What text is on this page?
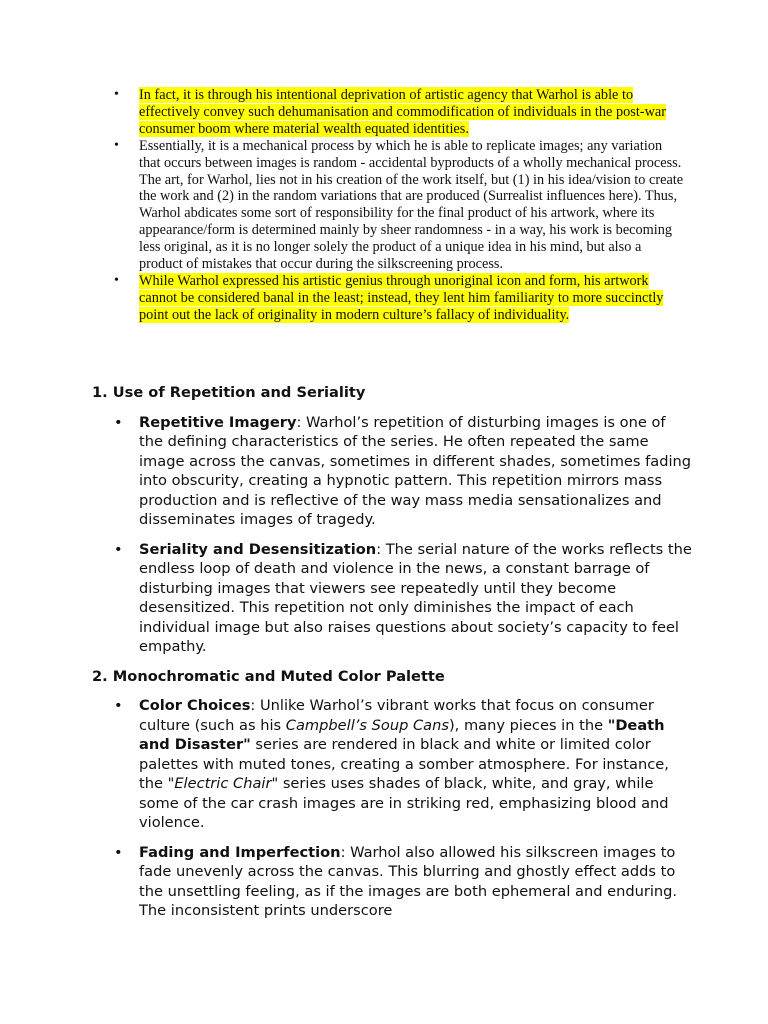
• In fact, it is through his intentional deprivation of artistic agency that Warhol is able to effectively convey such dehumanisation and commodification of individuals in the post-war consumer boom where material wealth equated identities.
• Essentially, it is a mechanical process by which he is able to replicate images; any variation that occurs between images is random - accidental byproducts of a wholly mechanical process. The art, for Warhol, lies not in his creation of the work itself, but (1) in his idea/vision to create the work and (2) in the random variations that are produced (Surrealist influences here). Thus, Warhol abdicates some sort of responsibility for the final product of his artwork, where its appearance/form is determined mainly by sheer randomness - in a way, his work is becoming less original, as it is no longer solely the product of a unique idea in his mind, but also a product of mistakes that occur during the silkscreening process.
• While Warhol expressed his artistic genius through unoriginal icon and form, his artwork cannot be considered banal in the least; instead, they lent him familiarity to more succinctly point out the lack of originality in modern culture’s fallacy of individuality.
1. Use of Repetition and Seriality
• Repetitive Imagery: Warhol’s repetition of disturbing images is one of the defining characteristics of the series. He often repeated the same image across the canvas, sometimes in different shades, sometimes fading into obscurity, creating a hypnotic pattern. This repetition mirrors mass production and is reflective of the way mass media sensationalizes and disseminates images of tragedy.
• Seriality and Desensitization: The serial nature of the works reflects the endless loop of death and violence in the news, a constant barrage of disturbing images that viewers see repeatedly until they become desensitized. This repetition not only diminishes the impact of each individual image but also raises questions about society’s capacity to feel empathy.
2. Monochromatic and Muted Color Palette
• Color Choices: Unlike Warhol’s vibrant works that focus on consumer culture (such as his Campbell’s Soup Cans), many pieces in the "Death and Disaster" series are rendered in black and white or limited color palettes with muted tones, creating a somber atmosphere. For instance, the "Electric Chair" series uses shades of black, white, and gray, while some of the car crash images are in striking red, emphasizing blood and violence.
• Fading and Imperfection: Warhol also allowed his silkscreen images to fade unevenly across the canvas. This blurring and ghostly effect adds to the unsettling feeling, as if the images are both ephemeral and enduring. The inconsistent prints underscore
